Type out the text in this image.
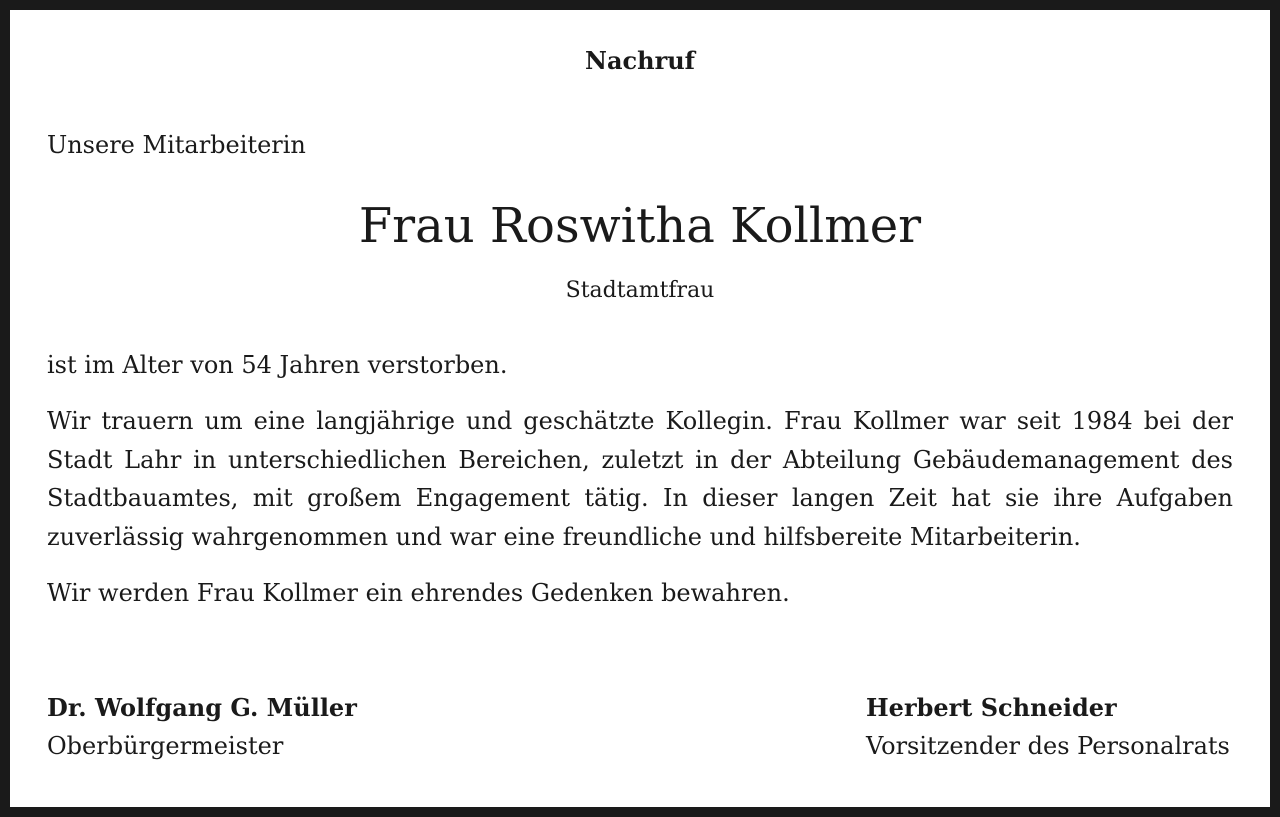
Nachruf
Unsere Mitarbeiterin
Frau Roswitha Kollmer
Stadtamtfrau
ist im Alter von 54 Jahren verstorben.
Wir trauern um eine langjährige und geschätzte Kollegin. Frau Kollmer war seit 1984 bei der Stadt Lahr in unterschiedlichen Bereichen, zuletzt in der Abteilung Gebäudemanagement des Stadtbauamtes, mit großem Engagement tätig. In dieser langen Zeit hat sie ihre Aufgaben zuverlässig wahrgenommen und war eine freundliche und hilfsbereite Mitarbeiterin.
Wir werden Frau Kollmer ein ehrendes Gedenken bewahren.
Dr. Wolfgang G. Müller
Oberbürgermeister
Herbert Schneider
Vorsitzender des Personalrats
